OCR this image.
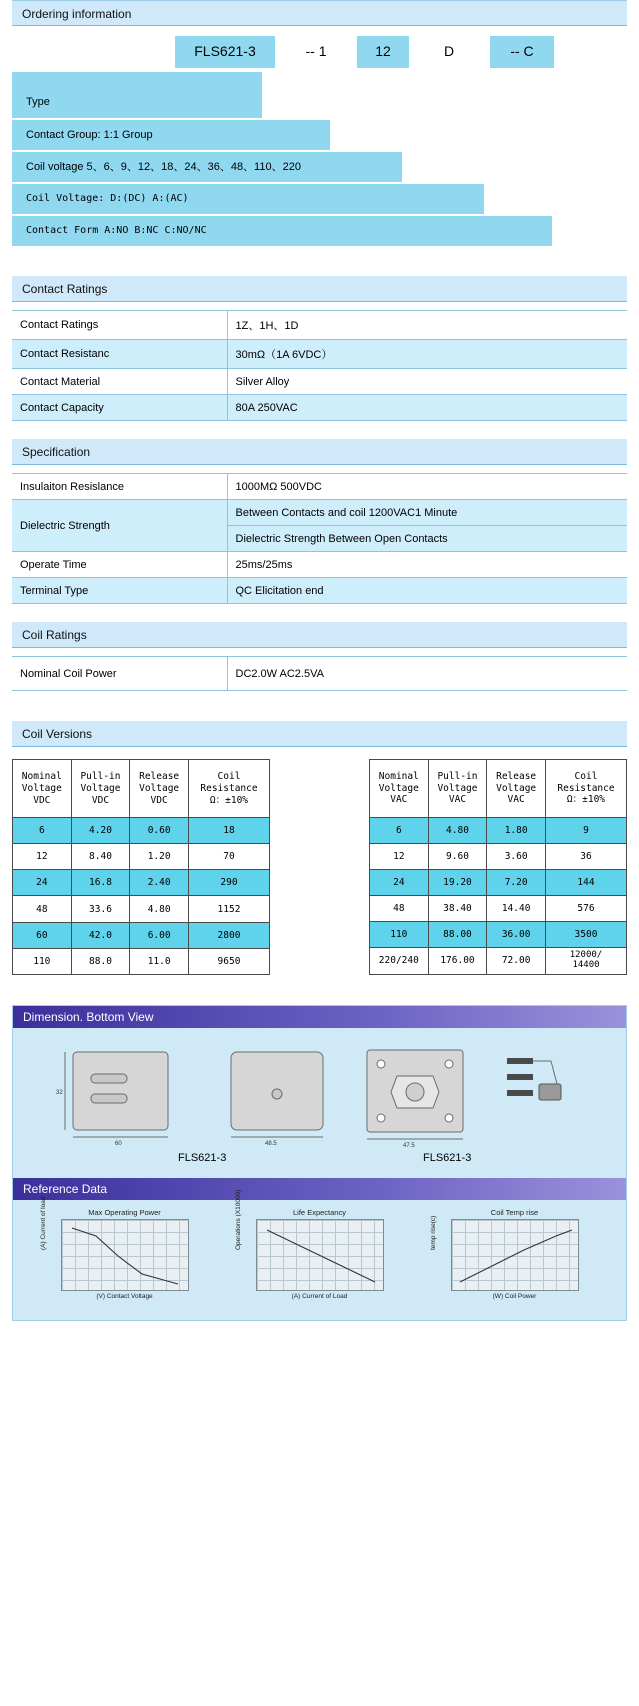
Ordering information
FLS621-3	-- 1	12	D	-- C
Type
Contact Group: 1:1 Group
Coil voltage 5、6、9、12、18、24、36、48、110、220
Coil Voltage: D:(DC) A:(AC)
Contact Form A:NO B:NC C:NO/NC
Contact Ratings
Contact Ratings	1Z、1H、1D
Contact Resistanc	30mΩ（1A 6VDC）
Contact Material	Silver Alloy
Contact Capacity	80A 250VAC
Specification
Insulaiton Resislance	1000MΩ 500VDC
Dielectric Strength	Between Contacts and coil 1200VAC1 Minute
	Dielectric Strength Between Open Contacts
Operate Time	25ms/25ms
Terminal Type	QC Elicitation end
Coil Ratings
Nominal Coil Power	DC2.0W AC2.5VA
Coil Versions
Nominal
Voltage
VDC	Pull-in
Voltage
VDC	Release
Voltage
VDC	Coil
Resistance
Ω：±10%
6	4.20	0.60	18
12	8.40	1.20	70
24	16.8	2.40	290
48	33.6	4.80	1152
60	42.0	6.00	2800
110	88.0	11.0	9650
Nominal
Voltage
VAC	Pull-in
Voltage
VAC	Release
Voltage
VAC	Coil
Resistance
Ω：±10%
6	4.80	1.80	9
12	9.60	3.60	36
24	19.20	7.20	144
48	38.40	14.40	576
110	88.00	36.00	3500
220/240	176.00	72.00	12000/
14400
Dimension. Bottom View
32
60	48.5	47.5
FLS621-3	FLS621-3
Reference Data
Max Operating Power
(A) Current of load
(V) Contact Voltage
Life Expectancy
Operations (X10000)
(A) Current of Load
Coil Temp rise
temp rise(c)
(W) Coil Power
